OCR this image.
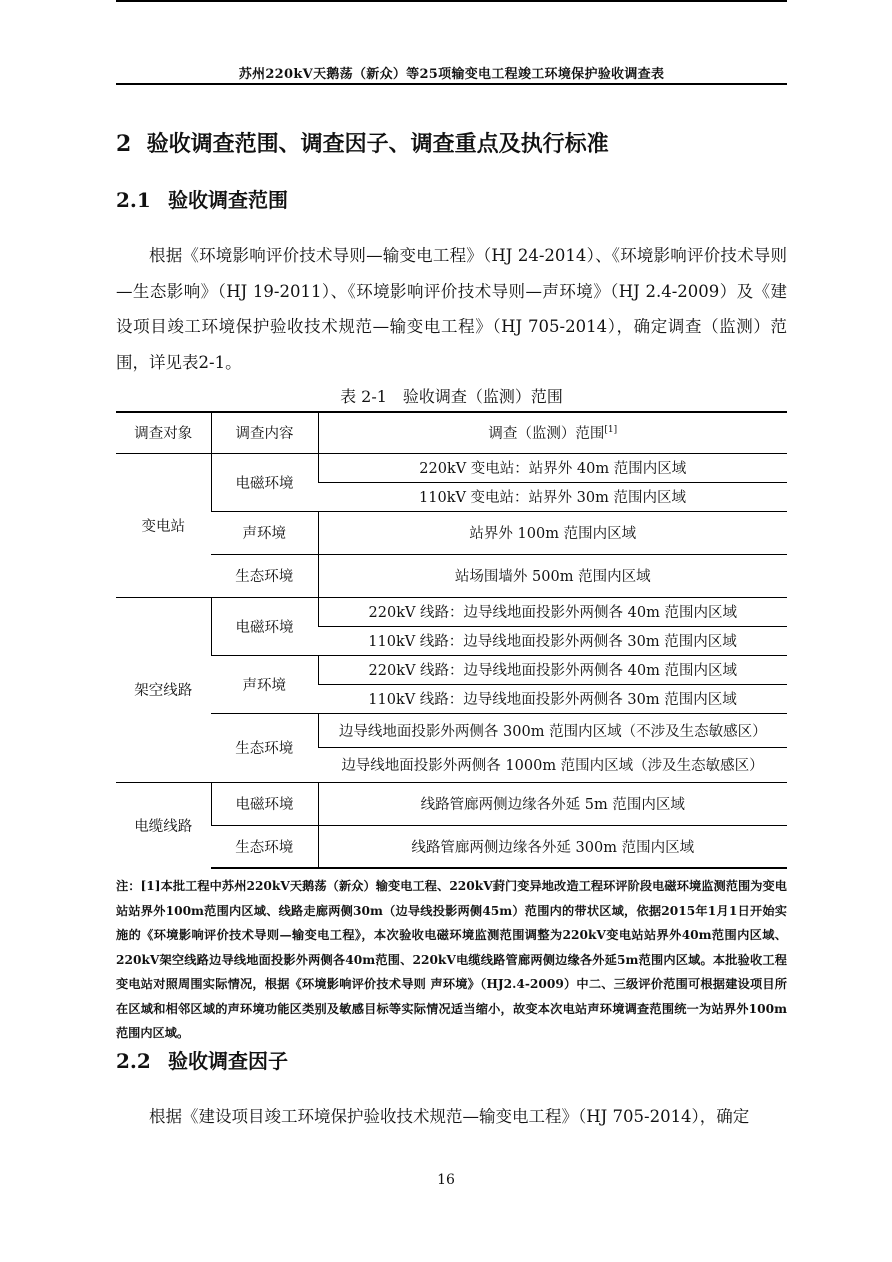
苏州220kV天鹅荡（新众）等25项输变电工程竣工环境保护验收调查表
2 验收调查范围、调查因子、调查重点及执行标准
2.1 验收调查范围

根据《环境影响评价技术导则—输变电工程》（HJ 24-2014）、《环境影响评价技术导则—生态影响》（HJ 19-2011）、《环境影响评价技术导则—声环境》（HJ 2.4-2009）及《建设项目竣工环境保护验收技术规范—输变电工程》（HJ 705-2014），确定调查（监测）范围，详见表2-1。

表 2-1　验收调查（监测）范围
调查对象	调查内容	调查（监测）范围[1]
变电站	电磁环境	220kV 变电站：站界外 40m 范围内区域
		110kV 变电站：站界外 30m 范围内区域
	声环境	站界外 100m 范围内区域
	生态环境	站场围墙外 500m 范围内区域
架空线路	电磁环境	220kV 线路：边导线地面投影外两侧各 40m 范围内区域
		110kV 线路：边导线地面投影外两侧各 30m 范围内区域
	声环境	220kV 线路：边导线地面投影外两侧各 40m 范围内区域
		110kV 线路：边导线地面投影外两侧各 30m 范围内区域
	生态环境	边导线地面投影外两侧各 300m 范围内区域（不涉及生态敏感区）
		边导线地面投影外两侧各 1000m 范围内区域（涉及生态敏感区）
电缆线路	电磁环境	线路管廊两侧边缘各外延 5m 范围内区域
	生态环境	线路管廊两侧边缘各外延 300m 范围内区域

注：[1]本批工程中苏州220kV天鹅荡（新众）输变电工程、220kV葑门变异地改造工程环评阶段电磁环境监测范围为变电站站界外100m范围内区域、线路走廊两侧30m（边导线投影两侧45m）范围内的带状区域，依据2015年1月1日开始实施的《环境影响评价技术导则—输变电工程》，本次验收电磁环境监测范围调整为220kV变电站站界外40m范围内区域、220kV架空线路边导线地面投影外两侧各40m范围、220kV电缆线路管廊两侧边缘各外延5m范围内区域。本批验收工程变电站对照周围实际情况，根据《环境影响评价技术导则 声环境》（HJ2.4-2009）中二、三级评价范围可根据建设项目所在区域和相邻区域的声环境功能区类别及敏感目标等实际情况适当缩小，故变本次电站声环境调查范围统一为站界外100m范围内区域。

2.2 验收调查因子

根据《建设项目竣工环境保护验收技术规范—输变电工程》（HJ 705-2014），确定

16
